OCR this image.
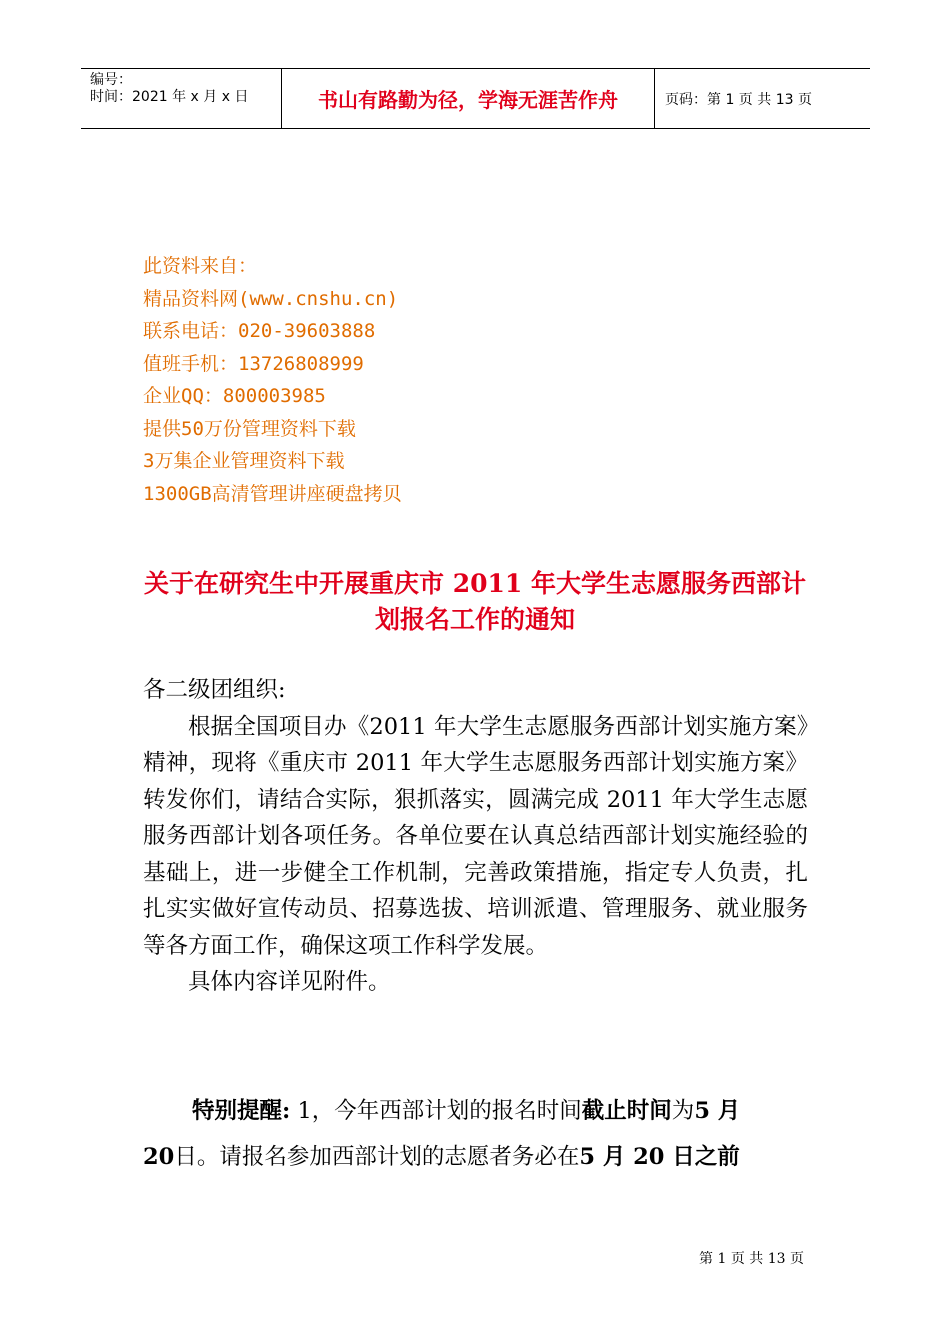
编号：
时间：2021 年 x 月 x 日	书山有路勤为径，学海无涯苦作舟	页码：第 1 页 共 13 页
此资料来自：
精品资料网(www.cnshu.cn)
联系电话：020-39603888
值班手机：13726808999
企业QQ：800003985
提供50万份管理资料下载
3万集企业管理资料下载
1300GB高清管理讲座硬盘拷贝
关于在研究生中开展重庆市 2011 年大学生志愿服务西部计
划报名工作的通知

各二级团组织:

根据全国项目办《2011 年大学生志愿服务西部计划实施方案》精神，现将《重庆市 2011 年大学生志愿服务西部计划实施方案》转发你们，请结合实际，狠抓落实，圆满完成 2011 年大学生志愿服务西部计划各项任务。各单位要在认真总结西部计划实施经验的基础上，进一步健全工作机制，完善政策措施，指定专人负责，扎扎实实做好宣传动员、招募选拔、培训派遣、管理服务、就业服务等各方面工作，确保这项工作科学发展。

具体内容详见附件。

特别提醒: 1，今年西部计划的报名时间截止时间为5 月
20日。请报名参加西部计划的志愿者务必在5 月 20 日之前
第 1 页 共 13 页
